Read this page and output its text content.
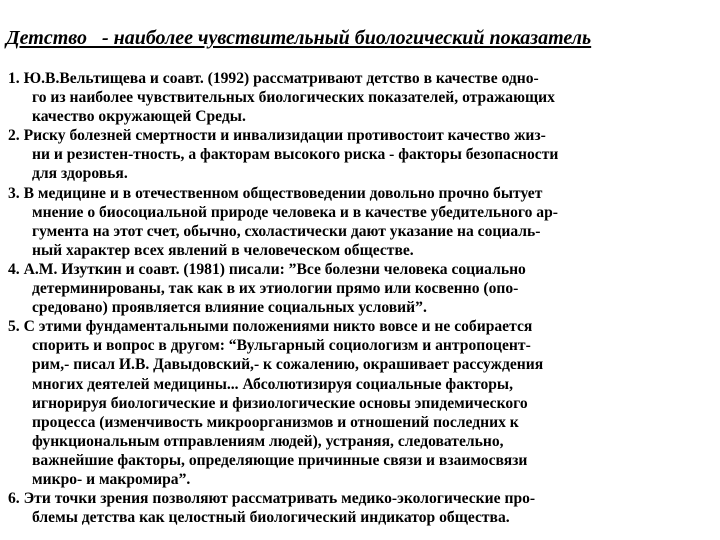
Детство   - наиболее чувствительный биологический показатель
1. Ю.В.Вельтищева и соавт. (1992) рассматривают детство в качестве одно-
го из наиболее чувствительных биологических показателей, отражающих
качество окружающей Среды.
2. Риску болезней смертности и инвализидации противостоит качество жиз-
ни и резистен-тность, а факторам высокого риска - факторы безопасности
для здоровья.
3. В медицине и в отечественном обществоведении довольно прочно бытует
мнение о биосоциальной природе человека и в качестве убедительного ар-
гумента на этот счет, обычно, схоластически дают указание на социаль-
ный характер всех явлений в человеческом обществе.
4. А.М. Изуткин и соавт. (1981) писали: ”Все болезни человека социально
детерминированы, так как в их этиологии прямо или косвенно (опо-
средовано) проявляется влияние социальных условий”.
5. С этими фундаментальными положениями никто вовсе и не собирается
спорить и вопрос в другом: “Вульгарный социологизм и антропоцент-
рим,- писал И.В. Давыдовский,- к сожалению, окрашивает рассуждения
многих деятелей медицины... Абсолютизируя социальные факторы,
игнорируя биологические и физиологические основы эпидемического
процесса (изменчивость микроорганизмов и отношений последних к
функциональным отправлениям людей), устраняя, следовательно,
важнейшие факторы, определяющие причинные связи и взаимосвязи
микро- и макромира”.
6. Эти точки зрения позволяют рассматривать медико-экологические про-
блемы детства как целостный биологический индикатор общества.
